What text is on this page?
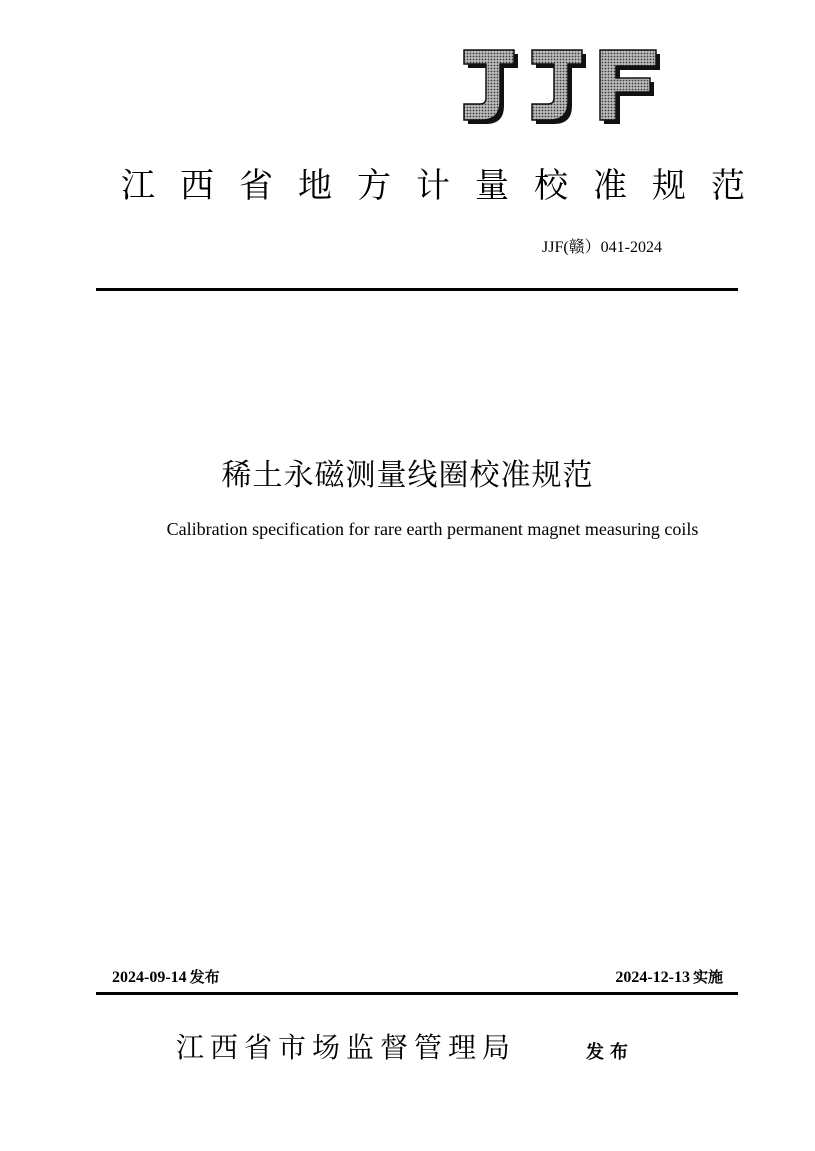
江西省地方计量校准规范
JJF(赣）041-2024
稀土永磁测量线圈校准规范
Calibration specification for rare earth permanent magnet measuring coils
2024-09-14 发布	2024-12-13 实施
江西省市场监督管理局	发布
